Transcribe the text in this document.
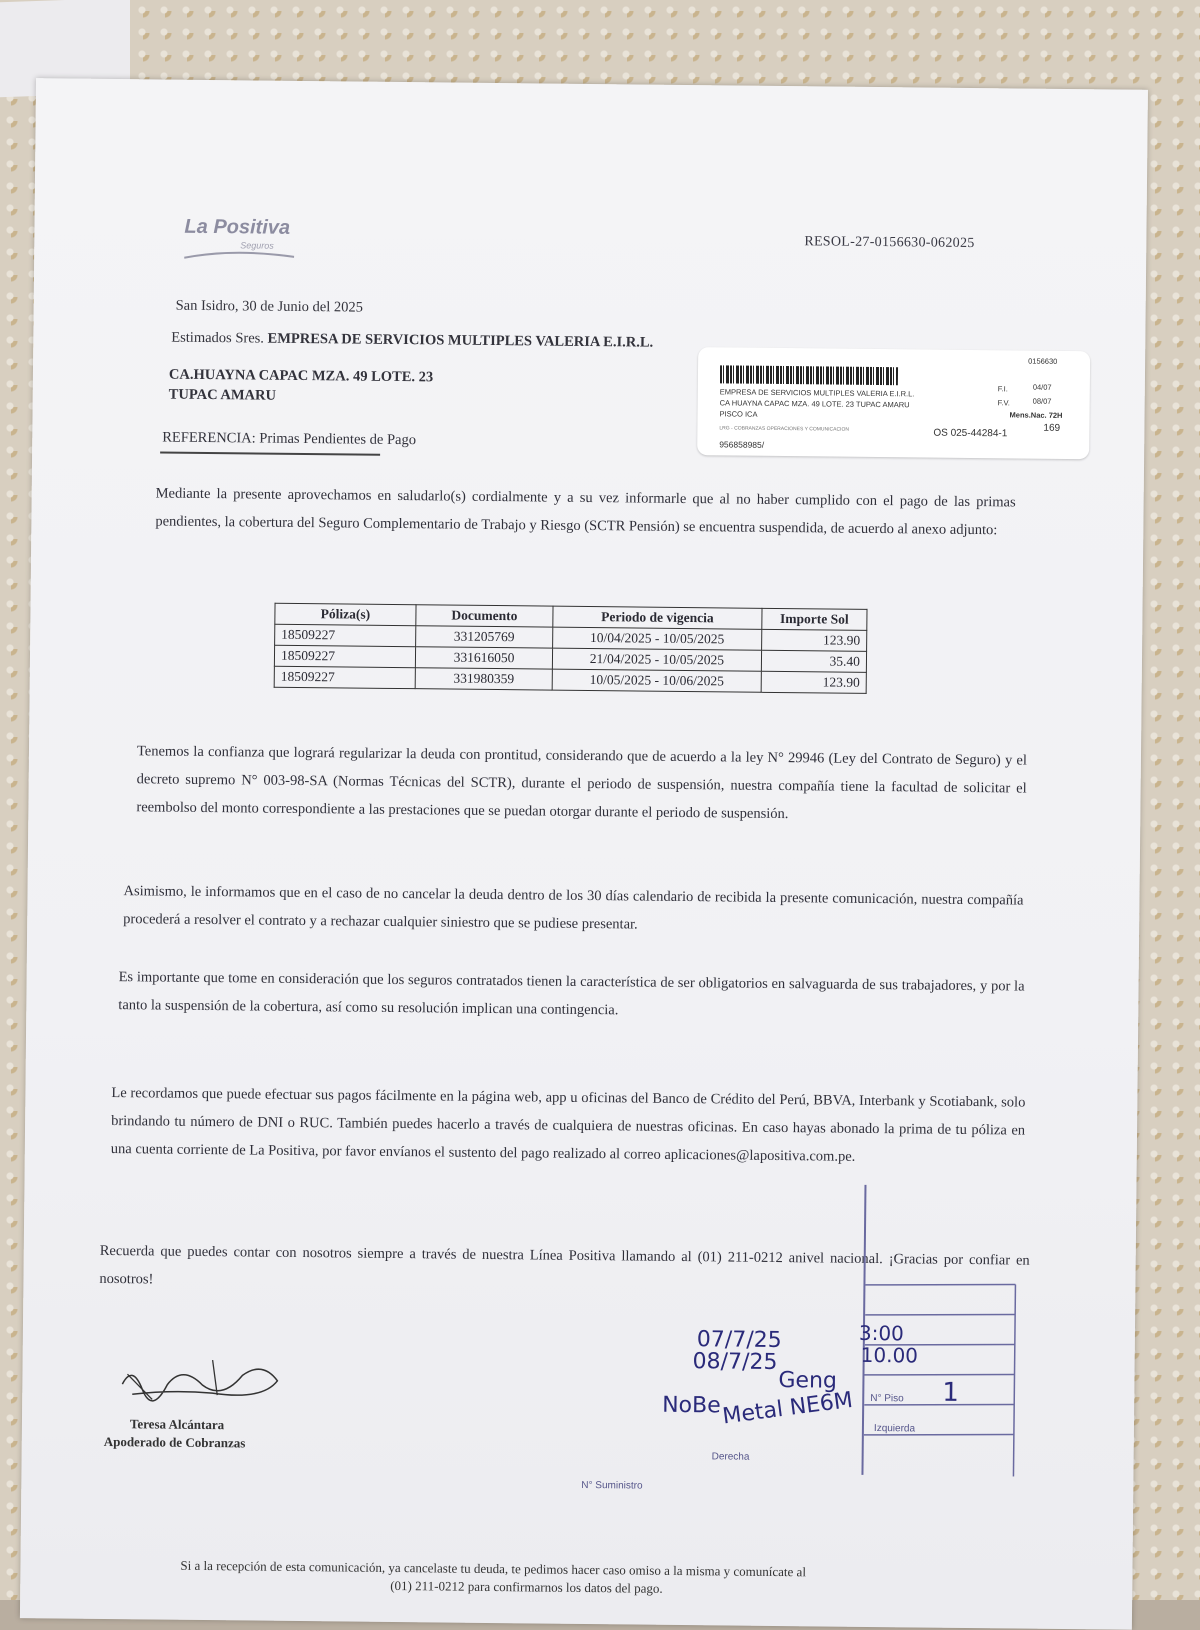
La Positiva
Seguros	RESOL-27-0156630-062025
San Isidro, 30 de Junio del 2025
Estimados Sres. EMPRESA DE SERVICIOS MULTIPLES VALERIA E.I.R.L.
CA.HUAYNA CAPAC MZA. 49 LOTE. 23
TUPAC AMARU
REFERENCIA: Primas Pendientes de Pago
0156630
EMPRESA DE SERVICIOS MULTIPLES VALERIA E.I.R.L.
CA HUAYNA CAPAC MZA. 49 LOTE. 23 TUPAC AMARU
PISCO ICA
F.I.	04/07
F.V.	08/07
Mens.Nac. 72H
LRG - COBRANZAS OPERACIONES Y COMUNICACION
956858985/
OS 025-44284-1	169
Mediante la presente aprovechamos en saludarlo(s) cordialmente y a su vez informarle que al no haber cumplido con el pago de las primas pendientes, la cobertura del Seguro Complementario de Trabajo y Riesgo (SCTR Pensión) se encuentra suspendida, de acuerdo al anexo adjunto:
Póliza(s)	Documento	Periodo de vigencia	Importe Sol
18509227	331205769	10/04/2025 - 10/05/2025	123.90
18509227	331616050	21/04/2025 - 10/05/2025	35.40
18509227	331980359	10/05/2025 - 10/06/2025	123.90
Tenemos la confianza que logrará regularizar la deuda con prontitud, considerando que de acuerdo a la ley N° 29946 (Ley del Contrato de Seguro) y el decreto supremo N° 003-98-SA (Normas Técnicas del SCTR), durante el periodo de suspensión, nuestra compañía tiene la facultad de solicitar el reembolso del monto correspondiente a las prestaciones que se puedan otorgar durante el periodo de suspensión.
Asimismo, le informamos que en el caso de no cancelar la deuda dentro de los 30 días calendario de recibida la presente comunicación, nuestra compañía procederá a resolver el contrato y a rechazar cualquier siniestro que se pudiese presentar.
Es importante que tome en consideración que los seguros contratados tienen la característica de ser obligatorios en salvaguarda de sus trabajadores, y por la tanto la suspensión de la cobertura, así como su resolución implican una contingencia.
Le recordamos que puede efectuar sus pagos fácilmente en la página web, app u oficinas del Banco de Crédito del Perú, BBVA, Interbank y Scotiabank, solo brindando tu número de DNI o RUC. También puedes hacerlo a través de cualquiera de nuestras oficinas. En caso hayas abonado la prima de tu póliza en una cuenta corriente de La Positiva, por favor envíanos el sustento del pago realizado al correo aplicaciones@lapositiva.com.pe.
Recuerda que puedes contar con nosotros siempre a través de nuestra Línea Positiva llamando al (01) 211-0212 anivel nacional. ¡Gracias por confiar en nosotros!
Teresa Alcántara
Apoderado de Cobranzas
N° Piso
Izquierda
Derecha
N° Suministro
07/7/25
08/7/25
3:00
10.00
NoBe
Geng
Metal NE6M	1
Si a la recepción de esta comunicación, ya cancelaste tu deuda, te pedimos hacer caso omiso a la misma y comunícate al
(01) 211-0212 para confirmarnos los datos del pago.
